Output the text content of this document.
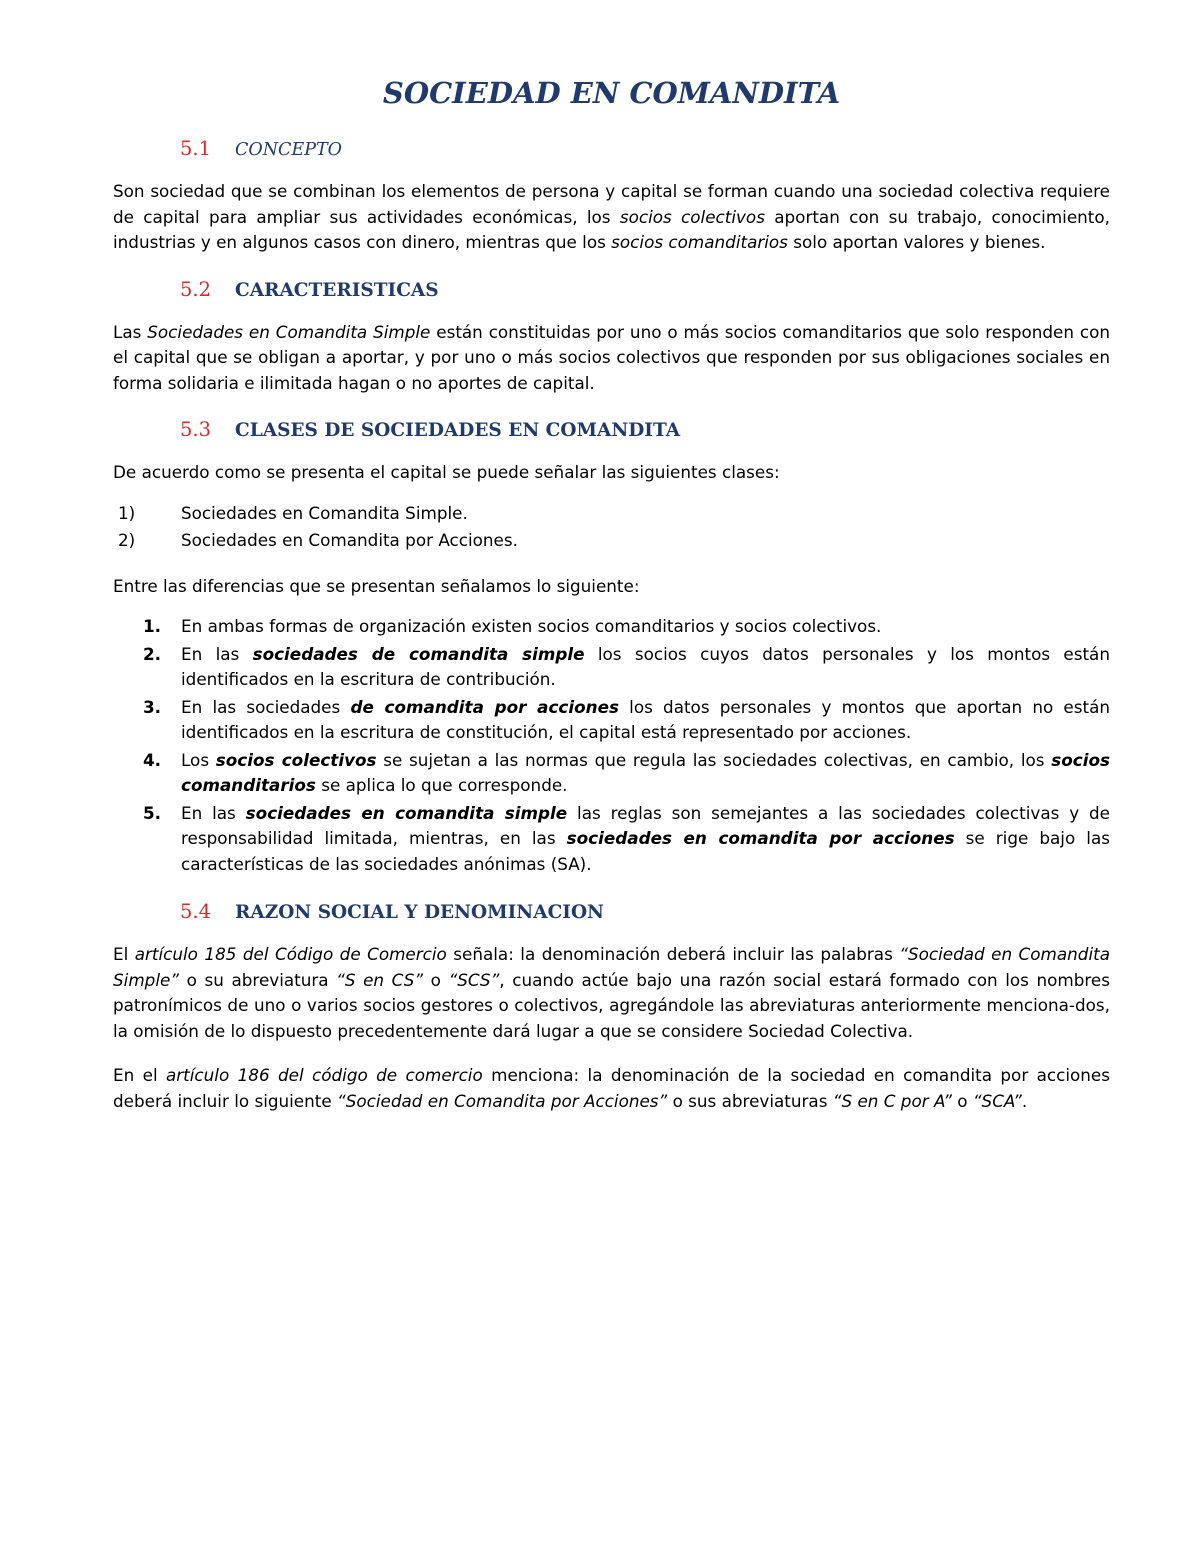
SOCIEDAD EN COMANDITA
5.1	CONCEPTO

Son sociedad que se combinan los elementos de persona y capital se forman cuando una sociedad colectiva requiere de capital para ampliar sus actividades económicas, los socios colectivos aportan con su trabajo, conocimiento, industrias y en algunos casos con dinero, mientras que los socios comanditarios solo aportan valores y bienes.

5.2	CARACTERISTICAS

Las Sociedades en Comandita Simple están constituidas por uno o más socios comanditarios que solo responden con el capital que se obligan a aportar, y por uno o más socios colectivos que responden por sus obligaciones sociales en forma solidaria e ilimitada hagan o no aportes de capital.

5.3	CLASES DE SOCIEDADES EN COMANDITA

De acuerdo como se presenta el capital se puede señalar las siguientes clases:

1)	Sociedades en Comandita Simple.
2)	Sociedades en Comandita por Acciones.

Entre las diferencias que se presentan señalamos lo siguiente:

1.	En ambas formas de organización existen socios comanditarios y socios colectivos.
2.	En las sociedades de comandita simple los socios cuyos datos personales y los montos están identificados en la escritura de contribución.
3.	En las sociedades de comandita por acciones los datos personales y montos que aportan no están identificados en la escritura de constitución, el capital está representado por acciones.
4.	Los socios colectivos se sujetan a las normas que regula las sociedades colectivas, en cambio, los socios comanditarios se aplica lo que corresponde.
5.	En las sociedades en comandita simple las reglas son semejantes a las sociedades colectivas y de responsabilidad limitada, mientras, en las sociedades en comandita por acciones se rige bajo las características de las sociedades anónimas (SA).
5.4	RAZON SOCIAL Y DENOMINACION

El artículo 185 del Código de Comercio señala: la denominación deberá incluir las palabras “Sociedad en Comandita Simple” o su abreviatura “S en CS” o “SCS”, cuando actúe bajo una razón social estará formado con los nombres patronímicos de uno o varios socios gestores o colectivos, agregándole las abreviaturas anteriormente menciona-dos, la omisión de lo dispuesto precedentemente dará lugar a que se considere Sociedad Colectiva.

En el artículo 186 del código de comercio menciona: la denominación de la sociedad en comandita por acciones deberá incluir lo siguiente “Sociedad en Comandita por Acciones” o sus abreviaturas “S en C por A” o “SCA”.
